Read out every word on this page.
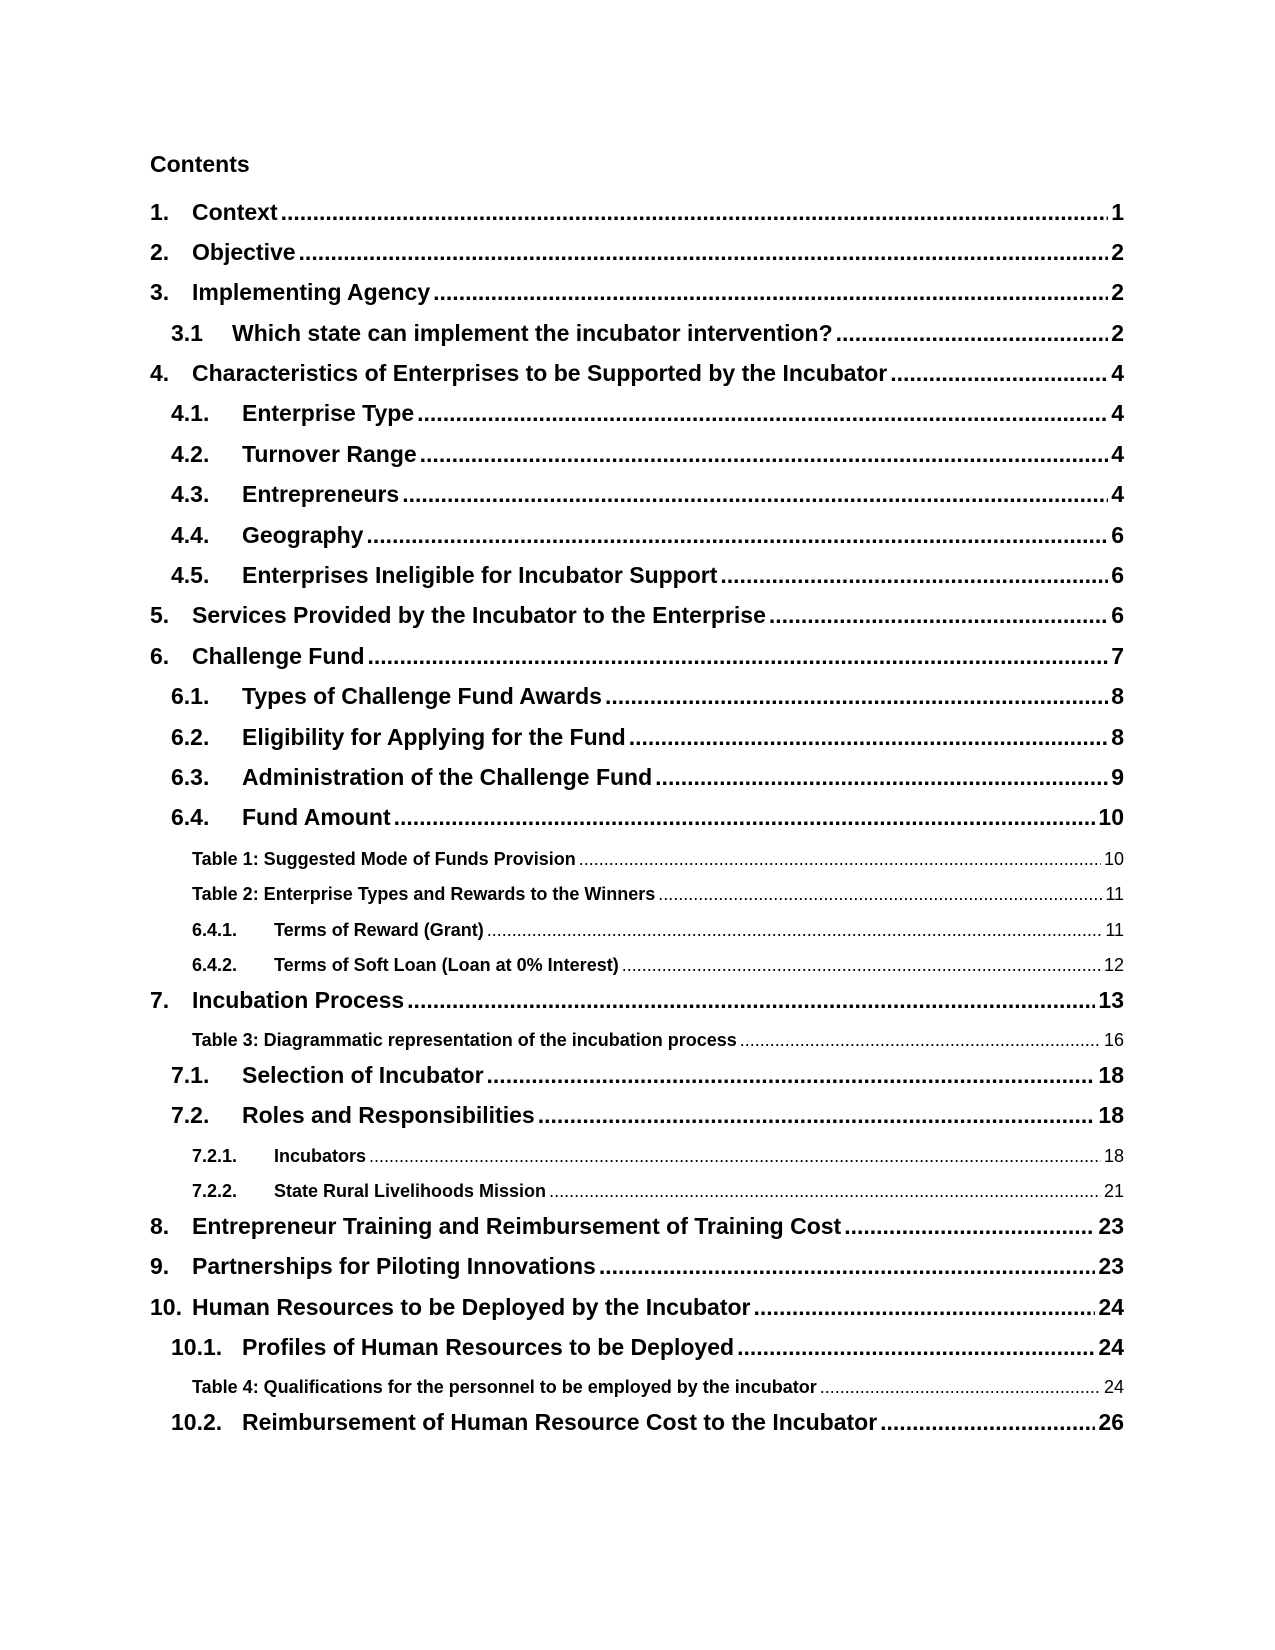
Contents
1. Context .....	1
2. Objective .....	2
3. Implementing Agency .....	2
3.1	Which state can implement the incubator intervention? .....	2
4. Characteristics of Enterprises to be Supported by the Incubator .....	4
4.1.	Enterprise Type .....	4
4.2.	Turnover Range .....	4
4.3.	Entrepreneurs .....	4
4.4.	Geography .....	6
4.5.	Enterprises Ineligible for Incubator Support .....	6
5. Services Provided by the Incubator to the Enterprise .....	6
6. Challenge Fund .....	7
6.1.	Types of Challenge Fund Awards .....	8
6.2.	Eligibility for Applying for the Fund .....	8
6.3.	Administration of the Challenge Fund .....	9
6.4.	Fund Amount .....	10
Table 1: Suggested Mode of Funds Provision .....	10
Table 2: Enterprise Types and Rewards to the Winners .....	11
6.4.1.	Terms of Reward (Grant) .....	11
6.4.2.	Terms of Soft Loan (Loan at 0% Interest) .....	12
7. Incubation Process .....	13
Table 3: Diagrammatic representation of the incubation process .....	16
7.1.	Selection of Incubator .....	18
7.2.	Roles and Responsibilities .....	18
7.2.1.	Incubators .....	18
7.2.2.	State Rural Livelihoods Mission .....	21
8. Entrepreneur Training and Reimbursement of Training Cost .....	23
9. Partnerships for Piloting Innovations .....	23
10. Human Resources to be Deployed by the Incubator .....	24
10.1. Profiles of Human Resources to be Deployed .....	24
Table 4: Qualifications for the personnel to be employed by the incubator .....	24
10.2. Reimbursement of Human Resource Cost to the Incubator .....	26
